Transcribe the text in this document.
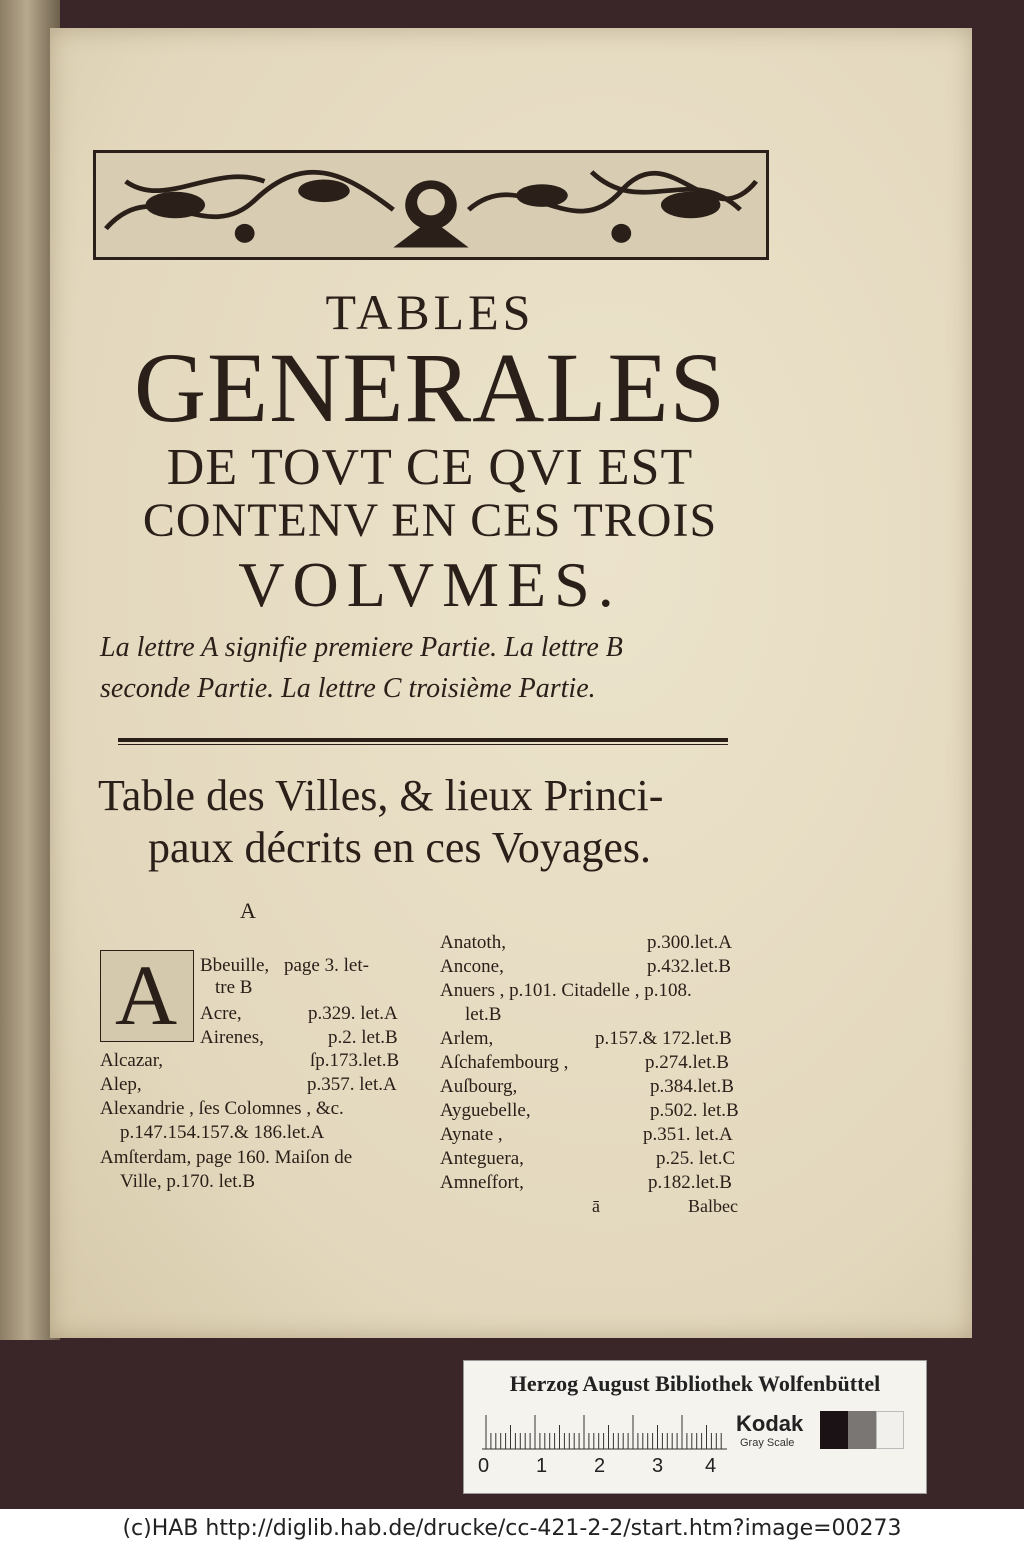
TABLES
GENERALES
DE TOVT CE QVI EST
CONTENV EN CES TROIS
VOLVMES.
La lettre A signifie premiere Partie. La lettre B
seconde Partie. La lettre C troisième Partie.
Table des Villes, & lieux Princi-
paux décrits en ces Voyages.
A
A Bbeuille, page 3. let-
tre B
Acre,	p.329. let.A
Airenes,	p.2. let.B
Alcazar,	ſp.173.let.B
Alep,	p.357. let.A
Alexandrie , ſes Colomnes , &c.
p.147.154.157.& 186.let.A
Amſterdam, page 160. Maiſon de
Ville, p.170. let.B
Anatoth,	p.300.let.A
Ancone,	p.432.let.B
Anuers , p.101. Citadelle , p.108.
let.B
Arlem,	p.157.& 172.let.B
Aſchafembourg ,	p.274.let.B
Auſbourg,	p.384.let.B
Ayguebelle,	p.502. let.B
Aynate ,	p.351. let.A
Anteguera,	p.25. let.C
Amneſfort,	p.182.let.B
ā	Balbec
Herzog August Bibliothek Wolfenbüttel
Kodak
Gray Scale
0 1 2 3 4
(c)HAB http://diglib.hab.de/drucke/cc-421-2-2/start.htm?image=00273
